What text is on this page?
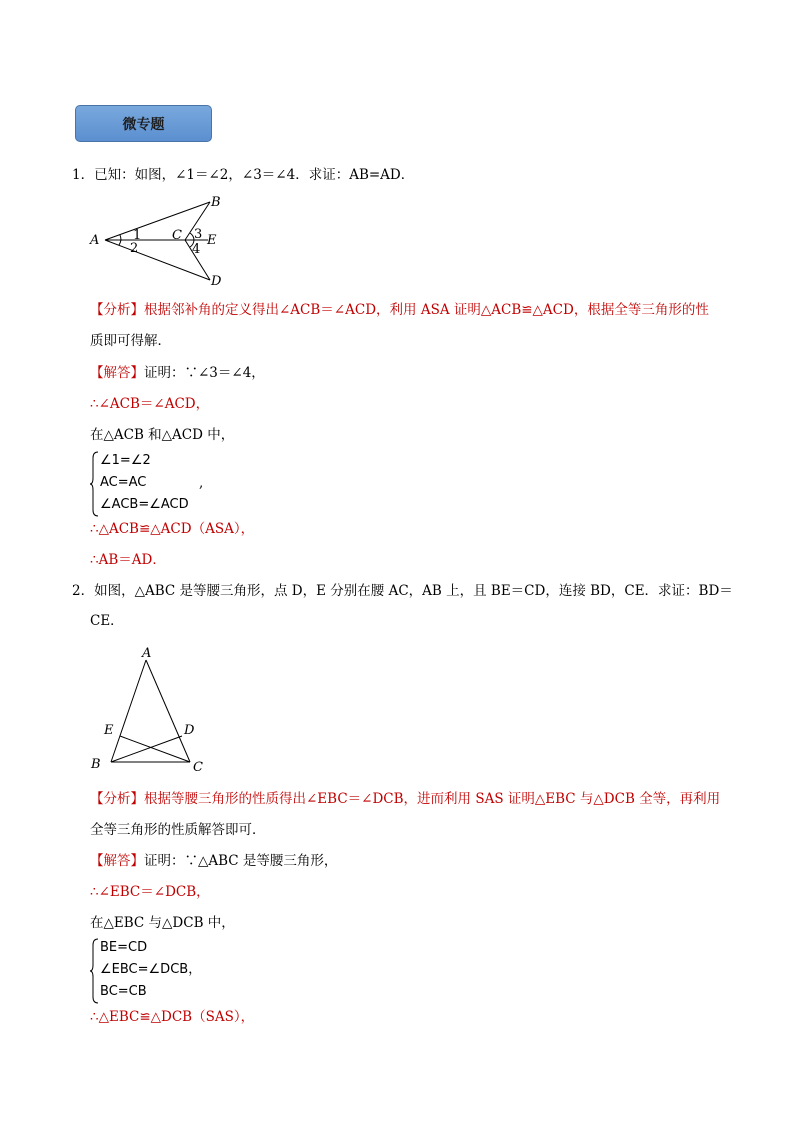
微专题
1．已知：如图，∠1＝∠2，∠3＝∠4．求证：AB=AD．
A
B
C
D
E
1
2
3
4
【分析】根据邻补角的定义得出∠ACB＝∠ACD，利用 ASA 证明△ACB≌△ACD，根据全等三角形的性
质即可得解．
【解答】证明：∵∠3＝∠4，
∴∠ACB＝∠ACD，
在△ACB 和△ACD 中，
∠1=∠2
AC=AC
∠ACB=∠ACD
,
∴△ACB≌△ACD（ASA），
∴AB＝AD．
2．如图，△ABC 是等腰三角形，点 D，E 分别在腰 AC，AB 上，且 BE＝CD，连接 BD，CE．求证：BD＝
CE．
A
B	C
D
E
【分析】根据等腰三角形的性质得出∠EBC＝∠DCB，进而利用 SAS 证明△EBC 与△DCB 全等，再利用
全等三角形的性质解答即可．
【解答】证明：∵△ABC 是等腰三角形，
∴∠EBC＝∠DCB，
在△EBC 与△DCB 中，
BE=CD
∠EBC=∠DCB，
BC=CB
∴△EBC≌△DCB（SAS），
